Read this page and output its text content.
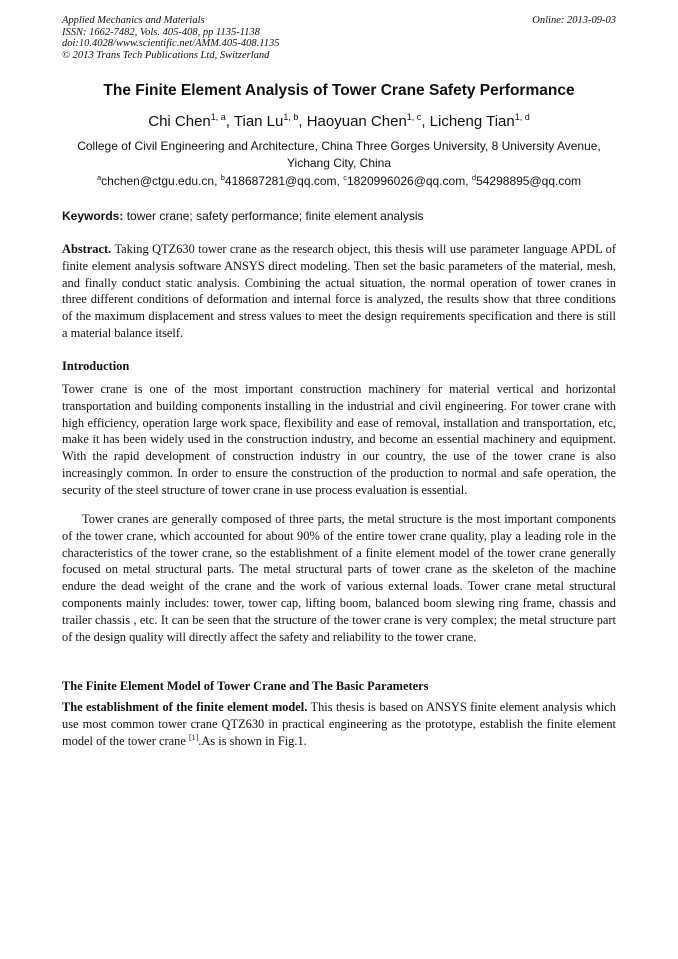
Applied Mechanics and Materials
ISSN: 1662-7482, Vols. 405-408, pp 1135-1138
doi:10.4028/www.scientific.net/AMM.405-408.1135
© 2013 Trans Tech Publications Ltd, Switzerland
Online: 2013-09-03
The Finite Element Analysis of Tower Crane Safety Performance
Chi Chen$^{1, a}$, Tian Lu$^{1, b}$, Haoyuan Chen$^{1, c}$, Licheng Tian$^{1, d}$
College of Civil Engineering and Architecture, China Three Gorges University, 8 University Avenue, Yichang City, China
$^a$chchen@ctgu.edu.cn, $^b$418687281@qq.com, $^c$1820996026@qq.com, $^d$54298895@qq.com
Keywords: tower crane; safety performance; finite element analysis
Abstract. Taking QTZ630 tower crane as the research object, this thesis will use parameter language APDL of finite element analysis software ANSYS direct modeling. Then set the basic parameters of the material, mesh, and finally conduct static analysis. Combining the actual situation, the normal operation of tower cranes in three different conditions of deformation and internal force is analyzed, the results show that three conditions of the maximum displacement and stress values to meet the design requirements specification and there is still a material balance itself.
Introduction
Tower crane is one of the most important construction machinery for material vertical and horizontal transportation and building components installing in the industrial and civil engineering. For tower crane with high efficiency, operation large work space, flexibility and ease of removal, installation and transportation, etc, make it has been widely used in the construction industry, and become an essential machinery and equipment. With the rapid development of construction industry in our country, the use of the tower crane is also increasingly common. In order to ensure the construction of the production to normal and safe operation, the security of the steel structure of tower crane in use process evaluation is essential.
Tower cranes are generally composed of three parts, the metal structure is the most important components of the tower crane, which accounted for about 90% of the entire tower crane quality, play a leading role in the characteristics of the tower crane, so the establishment of a finite element model of the tower crane generally focused on metal structural parts. The metal structural parts of tower crane as the skeleton of the machine endure the dead weight of the crane and the work of various external loads. Tower crane metal structural components mainly includes: tower, tower cap, lifting boom, balanced boom slewing ring frame, chassis and trailer chassis , etc. It can be seen that the structure of the tower crane is very complex; the metal structure part of the design quality will directly affect the safety and reliability to the tower crane.
The Finite Element Model of Tower Crane and The Basic Parameters
The establishment of the finite element model. This thesis is based on ANSYS finite element analysis which use most common tower crane QTZ630 in practical engineering as the prototype, establish the finite element model of the tower crane [1].As is shown in Fig.1.
